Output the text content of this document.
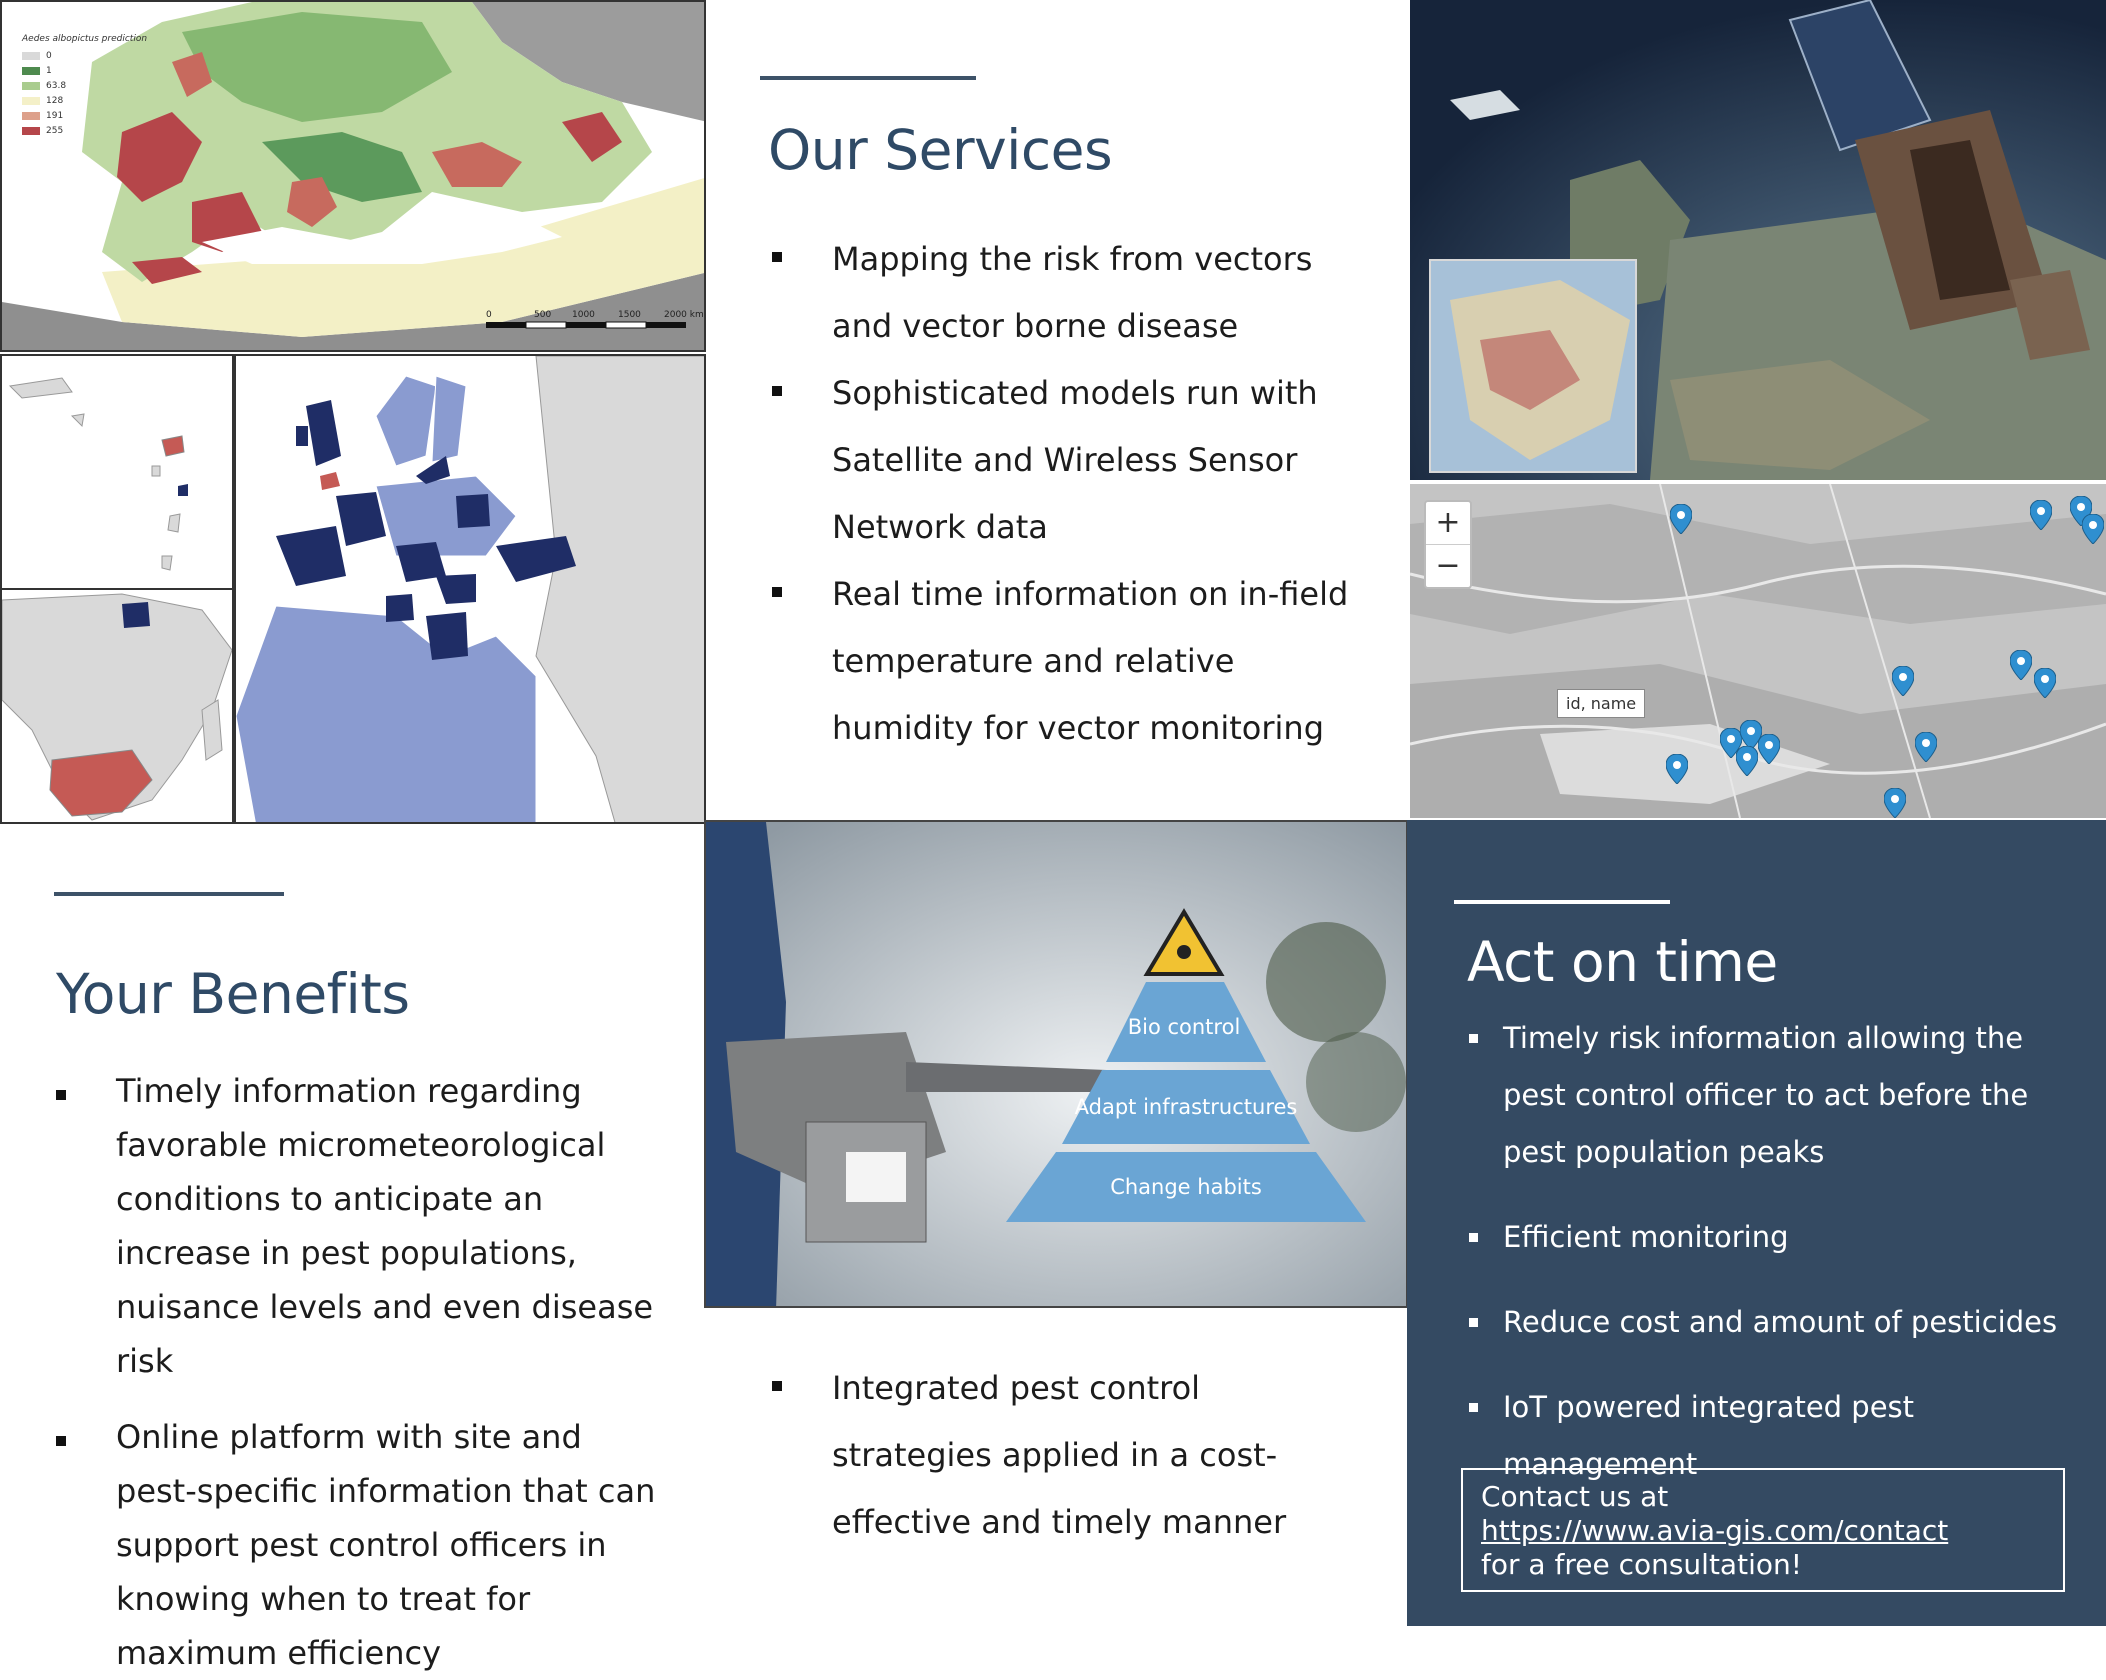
Aedes albopictus prediction
0
1
63.8
128
191
255
0	500 1000	1500	2000 km
Our Services
Mapping the risk from vectors and vector borne disease
Sophisticated models run with Satellite and Wireless Sensor Network data
Real time information on in-field temperature and relative humidity for vector monitoring
+
−
id, name
Your Benefits
Timely information regarding favorable micrometeorological conditions to anticipate an increase in pest populations, nuisance levels and even disease risk
Online platform with site and pest-specific information that can support pest control officers in knowing when to treat for maximum efficiency
Bio control
Adapt infrastructures
Change habits
Integrated pest control strategies applied in a cost-effective and timely manner
Act on time
Timely risk information allowing the pest control officer to act before the pest population peaks
Efficient monitoring
Reduce cost and amount of pesticides
IoT powered integrated pest management
Contact us at
https://www.avia-gis.com/contact
for a free consultation!
